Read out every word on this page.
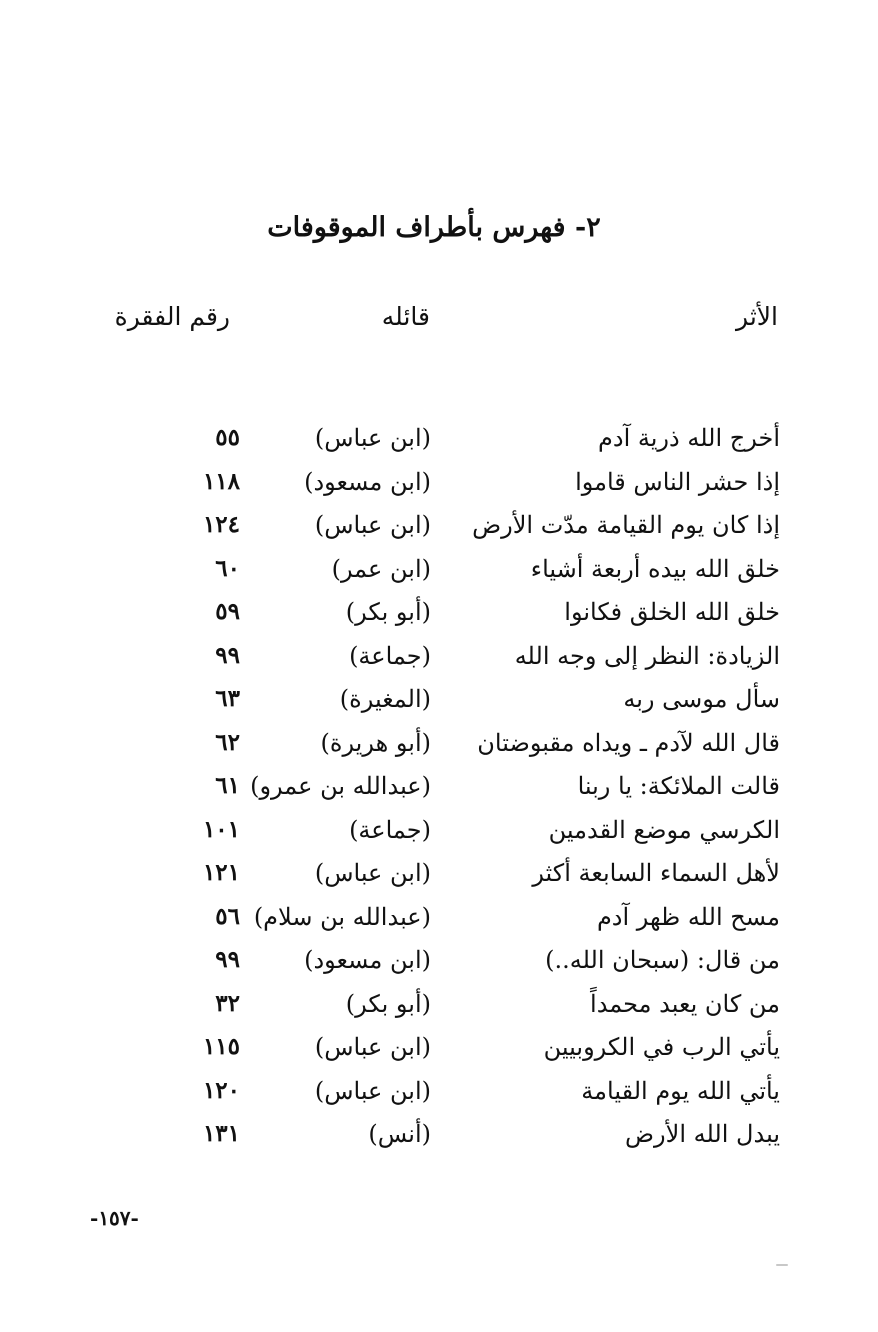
٢- فهرس بأطراف الموقوفات
الأثر
قائله
رقم الفقرة
أخرج الله ذرية آدم
(ابن عباس)
٥٥
إذا حشر الناس قاموا
(ابن مسعود)
١١٨
إذا كان يوم القيامة مدّت الأرض
(ابن عباس)
١٢٤
خلق الله بيده أربعة أشياء
(ابن عمر)
٦٠
خلق الله الخلق فكانوا
(أبو بكر)
٥٩
الزيادة: النظر إلى وجه الله
(جماعة)
٩٩
سأل موسى ربه
(المغيرة)
٦٣
قال الله لآدم ـ ويداه مقبوضتان
(أبو هريرة)
٦٢
قالت الملائكة: يا ربنا
(عبدالله بن عمرو)
٦١
الكرسي موضع القدمين
(جماعة)
١٠١
لأهل السماء السابعة أكثر
(ابن عباس)
١٢١
مسح الله ظهر آدم
(عبدالله بن سلام)
٥٦
من قال: (سبحان الله..)
(ابن مسعود)
٩٩
من كان يعبد محمداً
(أبو بكر)
٣٢
يأتي الرب في الكروبيين
(ابن عباس)
١١٥
يأتي الله يوم القيامة
(ابن عباس)
١٢٠
يبدل الله الأرض
(أنس)
١٣١
-١٥٧-
